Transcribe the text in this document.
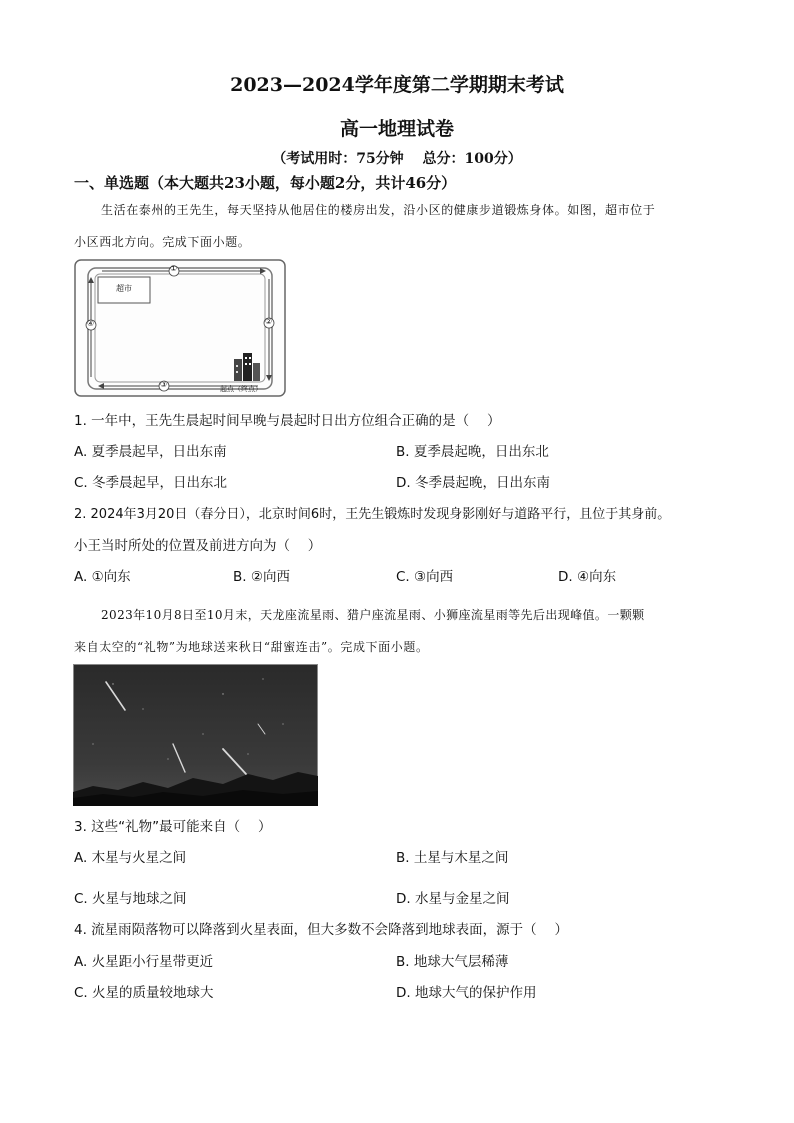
2023—2024学年度第二学期期末考试
高一地理试卷
（考试用时：75分钟　 总分：100分）
一、单选题（本大题共23小题，每小题2分，共计46分）
生活在泰州的王先生，每天坚持从他居住的楼房出发，沿小区的健康步道锻炼身体。如图，超市位于
小区西北方向。完成下面小题。
超市
①
②
③
④
起点（终点）
1. 一年中，王先生晨起时间早晚与晨起时日出方位组合正确的是（　 ）
A. 夏季晨起早，日出东南	B. 夏季晨起晚，日出东北
C. 冬季晨起早，日出东北	D. 冬季晨起晚，日出东南
2. 2024年3月20日（春分日），北京时间6时，王先生锻炼时发现身影刚好与道路平行，且位于其身前。
小王当时所处的位置及前进方向为（　 ）
A. ①向东	B. ②向西	C. ③向西	D. ④向东
2023年10月8日至10月末，天龙座流星雨、猎户座流星雨、小狮座流星雨等先后出现峰值。一颗颗
来自太空的“礼物”为地球送来秋日“甜蜜连击”。完成下面小题。
3. 这些“礼物”最可能来自（　 ）
A. 木星与火星之间	B. 土星与木星之间
C. 火星与地球之间	D. 水星与金星之间
4. 流星雨陨落物可以降落到火星表面，但大多数不会降落到地球表面，源于（　 ）
A. 火星距小行星带更近	B. 地球大气层稀薄
C. 火星的质量较地球大	D. 地球大气的保护作用
